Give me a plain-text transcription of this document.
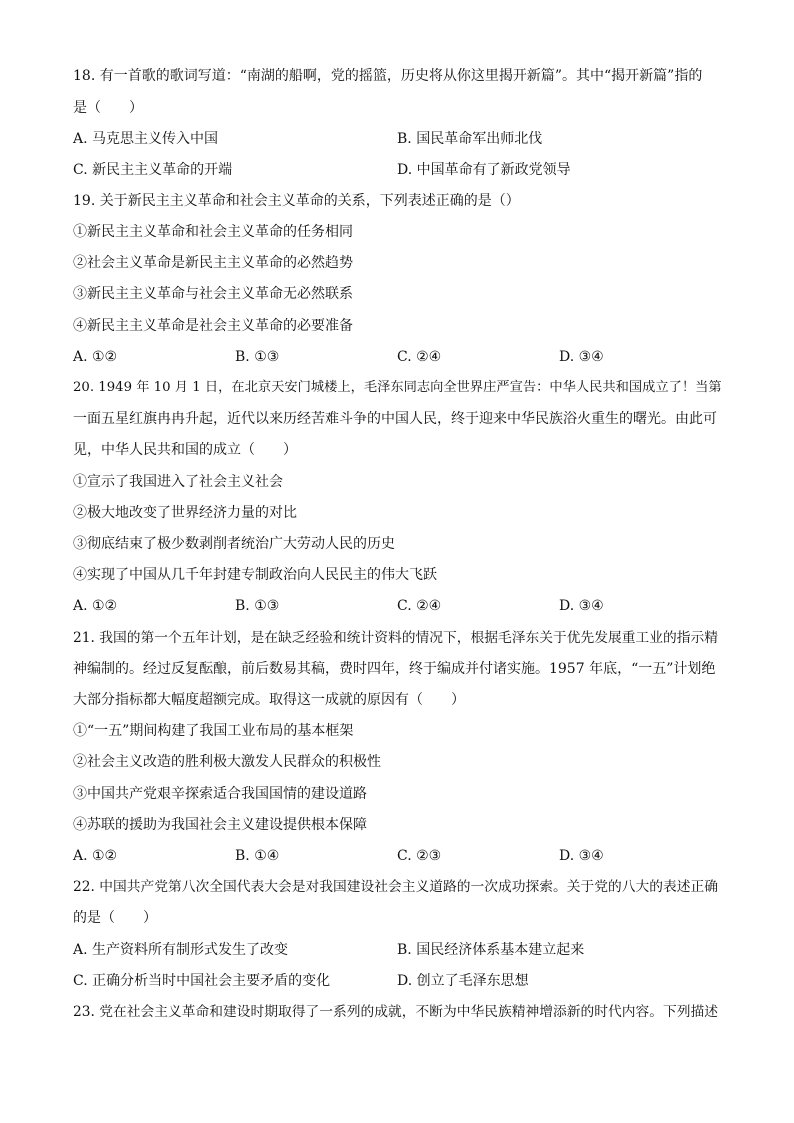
18. 有一首歌的歌词写道：“南湖的船啊，党的摇篮，历史将从你这里揭开新篇”。其中“揭开新篇”指的
是（　　）
A. 马克思主义传入中国	B. 国民革命军出师北伐
C. 新民主主义革命的开端	D. 中国革命有了新政党领导
19. 关于新民主主义革命和社会主义革命的关系，下列表述正确的是（）
①新民主主义革命和社会主义革命的任务相同
②社会主义革命是新民主主义革命的必然趋势
③新民主主义革命与社会主义革命无必然联系
④新民主主义革命是社会主义革命的必要准备
A. ①②	B. ①③	C. ②④	D. ③④
20. 1949 年 10 月 1 日，在北京天安门城楼上，毛泽东同志向全世界庄严宣告：中华人民共和国成立了！当第
一面五星红旗冉冉升起，近代以来历经苦难斗争的中国人民，终于迎来中华民族浴火重生的曙光。由此可
见，中华人民共和国的成立（　　）
①宣示了我国进入了社会主义社会
②极大地改变了世界经济力量的对比
③彻底结束了极少数剥削者统治广大劳动人民的历史
④实现了中国从几千年封建专制政治向人民民主的伟大飞跃
A. ①②	B. ①③	C. ②④	D. ③④
21. 我国的第一个五年计划，是在缺乏经验和统计资料的情况下，根据毛泽东关于优先发展重工业的指示精
神编制的。经过反复酝酿，前后数易其稿，费时四年，终于编成并付诸实施。1957 年底，“一五”计划绝
大部分指标都大幅度超额完成。取得这一成就的原因有（　　）
①“一五”期间构建了我国工业布局的基本框架
②社会主义改造的胜利极大激发人民群众的积极性
③中国共产党艰辛探索适合我国国情的建设道路
④苏联的援助为我国社会主义建设提供根本保障
A. ①②	B. ①④	C. ②③	D. ③④
22. 中国共产党第八次全国代表大会是对我国建设社会主义道路的一次成功探索。关于党的八大的表述正确
的是（　　）
A. 生产资料所有制形式发生了改变	B. 国民经济体系基本建立起来
C. 正确分析当时中国社会主要矛盾的变化	D. 创立了毛泽东思想
23. 党在社会主义革命和建设时期取得了一系列的成就，不断为中华民族精神增添新的时代内容。下列描述
